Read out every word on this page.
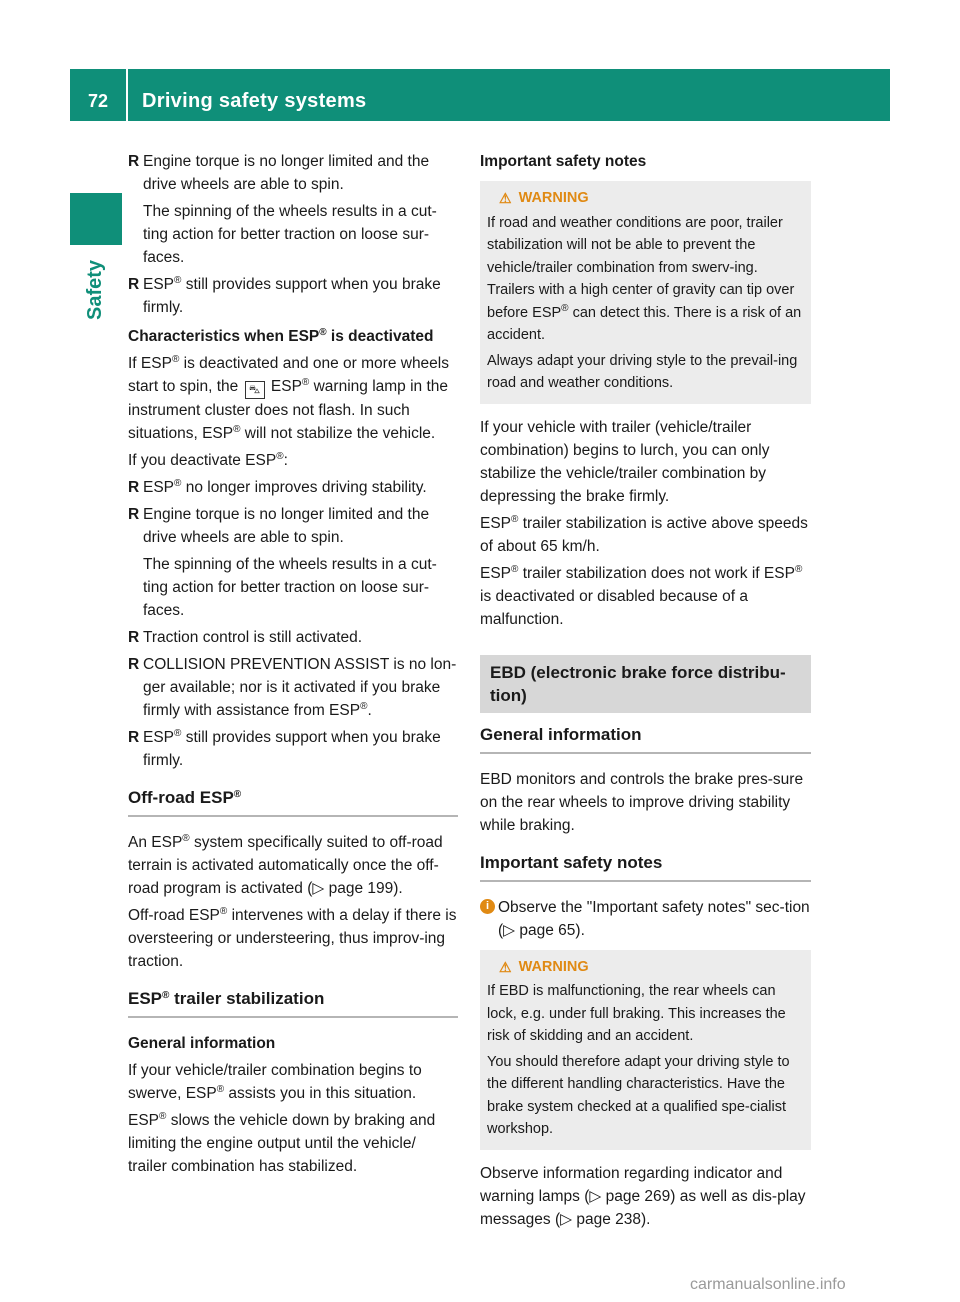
72 Driving safety systems
Safety
R Engine torque is no longer limited and the drive wheels are able to spin.
The spinning of the wheels results in a cut-ting action for better traction on loose sur-faces.
R ESP® still provides support when you brake firmly.
Characteristics when ESP® is deactivated

If ESP® is deactivated and one or more wheels start to spin, the ⛍ ESP® warning lamp in the instrument cluster does not flash. In such situations, ESP® will not stabilize the vehicle.

If you deactivate ESP®:

R ESP® no longer improves driving stability.
R Engine torque is no longer limited and the drive wheels are able to spin.
The spinning of the wheels results in a cut-ting action for better traction on loose sur-faces.
R Traction control is still activated.
R COLLISION PREVENTION ASSIST is no lon-ger available; nor is it activated if you brake firmly with assistance from ESP®.
R ESP® still provides support when you brake firmly.
Off-road ESP®

An ESP® system specifically suited to off-road terrain is activated automatically once the off-road program is activated (▷ page 199).

Off-road ESP® intervenes with a delay if there is oversteering or understeering, thus improv-ing traction.

ESP® trailer stabilization
General information

If your vehicle/trailer combination begins to swerve, ESP® assists you in this situation.

ESP® slows the vehicle down by braking and limiting the engine output until the vehicle/ trailer combination has stabilized.

Important safety notes
⚠ WARNING

If road and weather conditions are poor, trailer stabilization will not be able to prevent the vehicle/trailer combination from swerv-ing. Trailers with a high center of gravity can tip over before ESP® can detect this. There is a risk of an accident.

Always adapt your driving style to the prevail-ing road and weather conditions.

If your vehicle with trailer (vehicle/trailer combination) begins to lurch, you can only stabilize the vehicle/trailer combination by depressing the brake firmly.

ESP® trailer stabilization is active above speeds of about 65 km/h.

ESP® trailer stabilization does not work if ESP® is deactivated or disabled because of a malfunction.

EBD (electronic brake force distribu-tion)
General information

EBD monitors and controls the brake pres-sure on the rear wheels to improve driving stability while braking.

Important safety notes
i Observe the "Important safety notes" sec-tion (▷ page 65).
⚠ WARNING

If EBD is malfunctioning, the rear wheels can lock, e.g. under full braking. This increases the risk of skidding and an accident.

You should therefore adapt your driving style to the different handling characteristics. Have the brake system checked at a qualified spe-cialist workshop.

Observe information regarding indicator and warning lamps (▷ page 269) as well as dis-play messages (▷ page 238).

carmanualsonline.info
